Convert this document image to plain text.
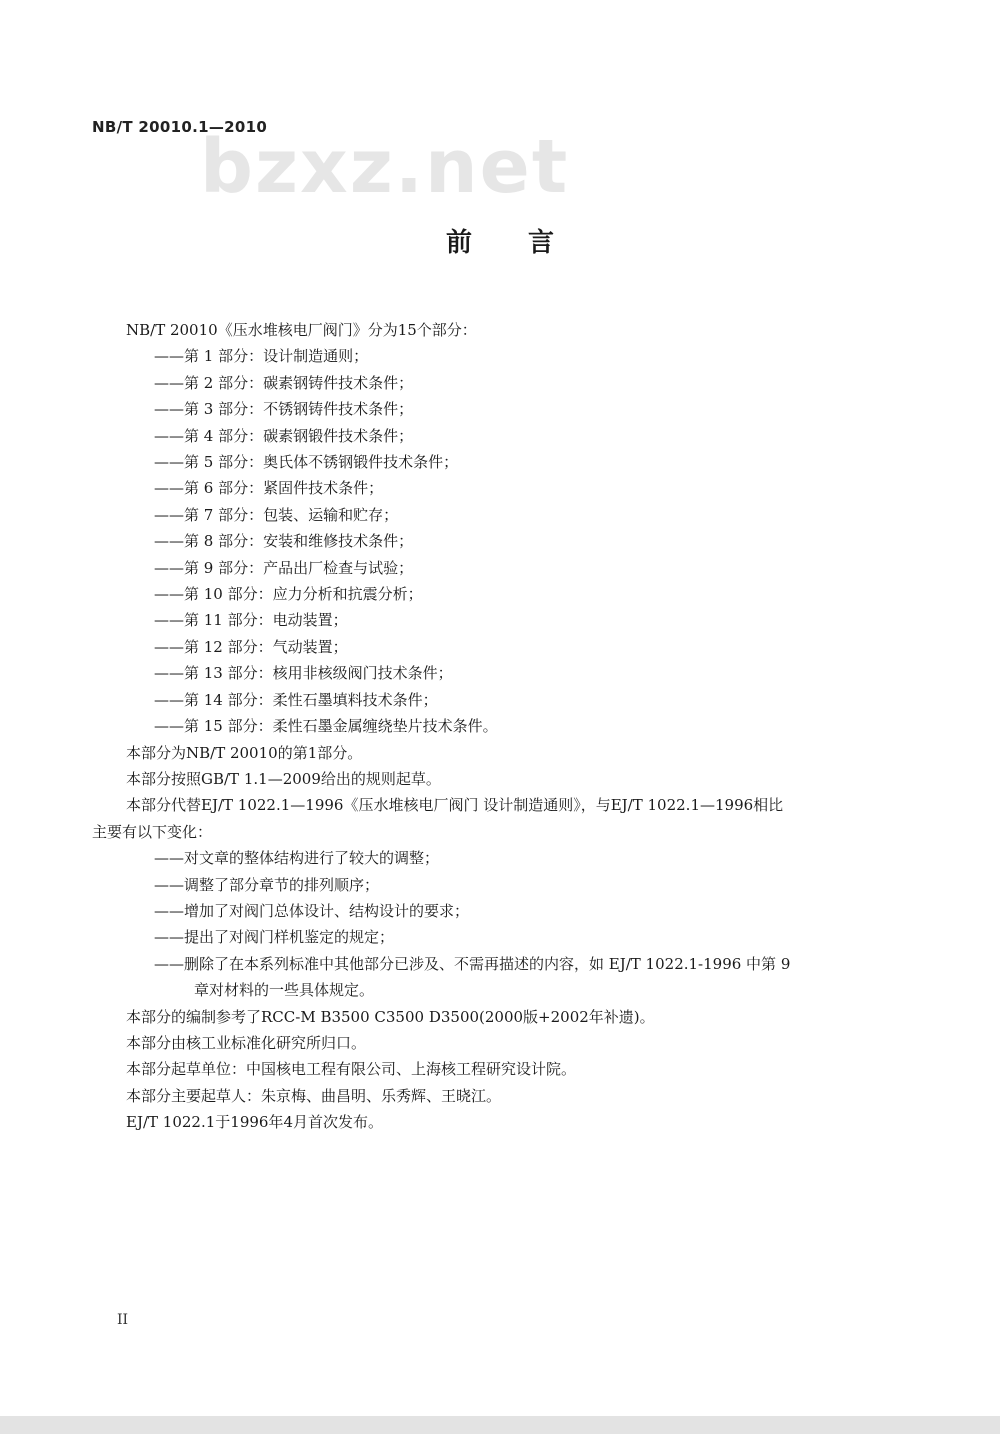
NB/T 20010.1—2010
bzxz.net
前言

NB/T 20010《压水堆核电厂阀门》分为15个部分：

——第 1 部分：设计制造通则；

——第 2 部分：碳素钢铸件技术条件；

——第 3 部分：不锈钢铸件技术条件；

——第 4 部分：碳素钢锻件技术条件；

——第 5 部分：奥氏体不锈钢锻件技术条件；

——第 6 部分：紧固件技术条件；

——第 7 部分：包装、运输和贮存；

——第 8 部分：安装和维修技术条件；

——第 9 部分：产品出厂检查与试验；

——第 10 部分：应力分析和抗震分析；

——第 11 部分：电动装置；

——第 12 部分：气动装置；

——第 13 部分：核用非核级阀门技术条件；

——第 14 部分：柔性石墨填料技术条件；

——第 15 部分：柔性石墨金属缠绕垫片技术条件。

本部分为NB/T 20010的第1部分。

本部分按照GB/T 1.1—2009给出的规则起草。

本部分代替EJ/T 1022.1—1996《压水堆核电厂阀门 设计制造通则》，与EJ/T 1022.1—1996相比

主要有以下变化：

——对文章的整体结构进行了较大的调整；

——调整了部分章节的排列顺序；

——增加了对阀门总体设计、结构设计的要求；

——提出了对阀门样机鉴定的规定；

——删除了在本系列标准中其他部分已涉及、不需再描述的内容，如 EJ/T 1022.1-1996 中第 9

章对材料的一些具体规定。

本部分的编制参考了RCC-M B3500 C3500 D3500(2000版+2002年补遗)。

本部分由核工业标准化研究所归口。

本部分起草单位：中国核电工程有限公司、上海核工程研究设计院。

本部分主要起草人：朱京梅、曲昌明、乐秀辉、王晓江。

EJ/T 1022.1于1996年4月首次发布。

II
